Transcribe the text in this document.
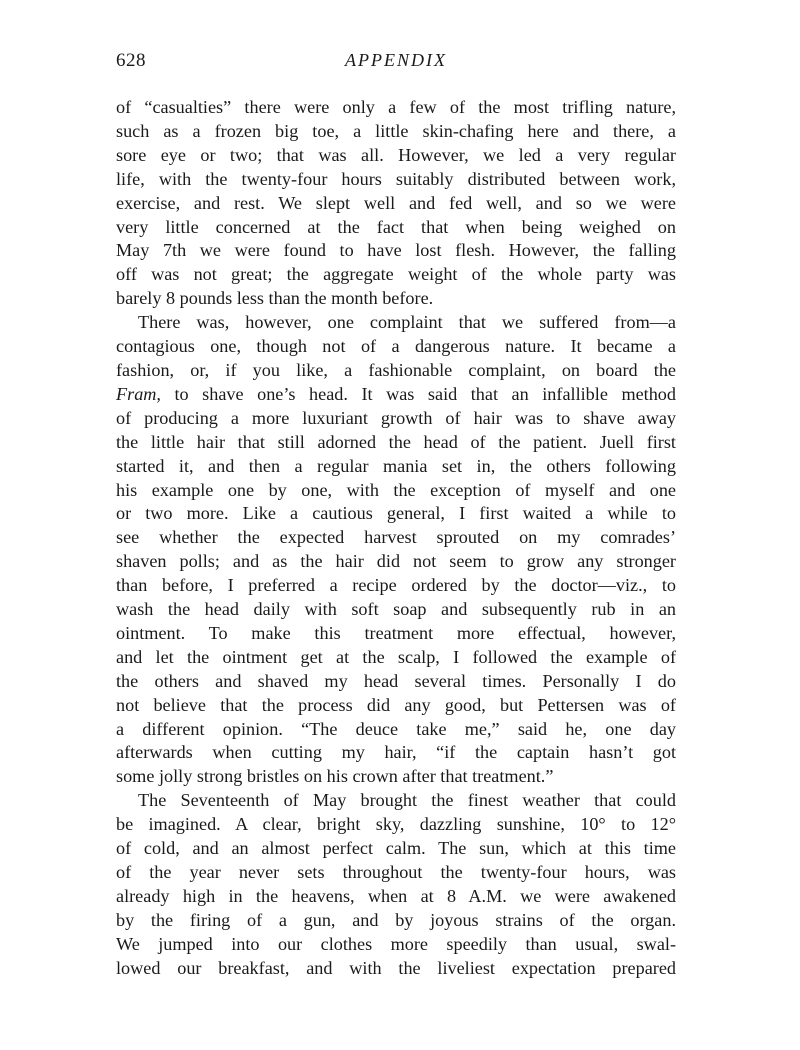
628	APPENDIX
of “casualties” there were only a few of the most trifling nature,
such as a frozen big toe, a little skin-chafing here and there, a
sore eye or two; that was all. However, we led a very regular
life, with the twenty-four hours suitably distributed between work,
exercise, and rest. We slept well and fed well, and so we were
very little concerned at the fact that when being weighed on
May 7th we were found to have lost flesh. However, the falling
off was not great; the aggregate weight of the whole party was
barely 8 pounds less than the month before.
There was, however, one complaint that we suffered from—a
contagious one, though not of a dangerous nature. It became a
fashion, or, if you like, a fashionable complaint, on board the
Fram, to shave one’s head. It was said that an infallible method
of producing a more luxuriant growth of hair was to shave away
the little hair that still adorned the head of the patient. Juell first
started it, and then a regular mania set in, the others following
his example one by one, with the exception of myself and one
or two more. Like a cautious general, I first waited a while to
see whether the expected harvest sprouted on my comrades’
shaven polls; and as the hair did not seem to grow any stronger
than before, I preferred a recipe ordered by the doctor—viz., to
wash the head daily with soft soap and subsequently rub in an
ointment. To make this treatment more effectual, however,
and let the ointment get at the scalp, I followed the example of
the others and shaved my head several times. Personally I do
not believe that the process did any good, but Pettersen was of
a different opinion. “The deuce take me,” said he, one day
afterwards when cutting my hair, “if the captain hasn’t got
some jolly strong bristles on his crown after that treatment.”
The Seventeenth of May brought the finest weather that could
be imagined. A clear, bright sky, dazzling sunshine, 10° to 12°
of cold, and an almost perfect calm. The sun, which at this time
of the year never sets throughout the twenty-four hours, was
already high in the heavens, when at 8 A.M. we were awakened
by the firing of a gun, and by joyous strains of the organ.
We jumped into our clothes more speedily than usual, swal-
lowed our breakfast, and with the liveliest expectation prepared
